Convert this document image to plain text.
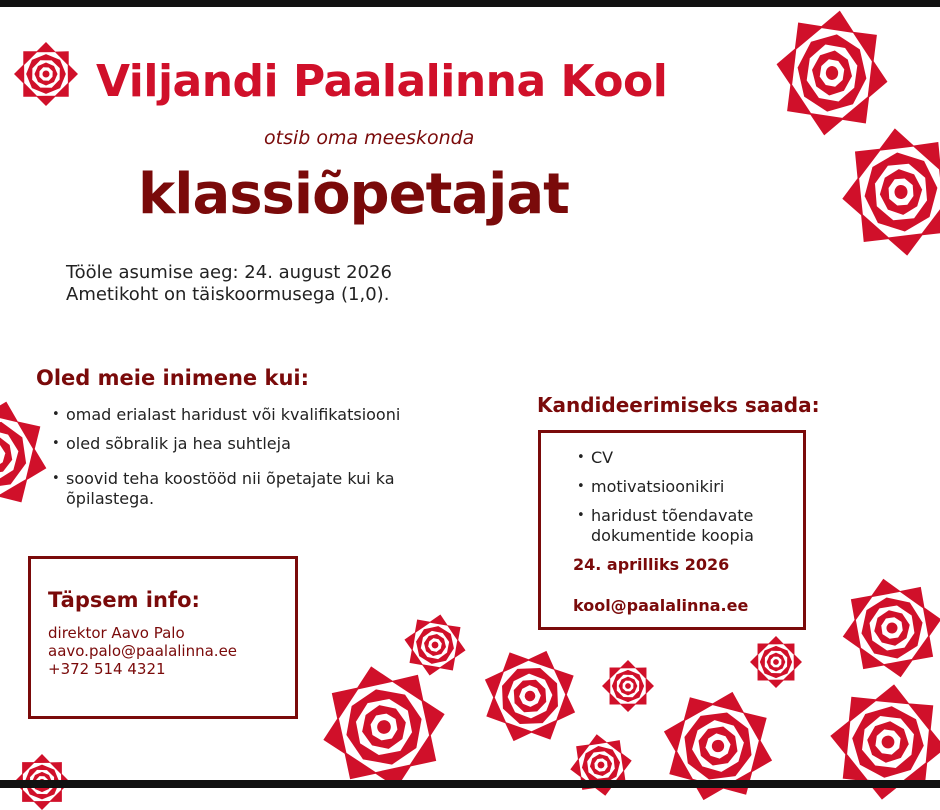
Viljandi Paalalinna Kool
otsib oma meeskonda
klassiõpetajat
Tööle asumise aeg: 24. august 2026
Ametikoht on täiskoormusega (1,0).
Oled meie inimene kui:
• omad erialast haridust või kvalifikatsiooni
• oled sõbralik ja hea suhtleja
• soovid teha koostööd nii õpetajate kui ka õpilastega.
Kandideerimiseks saada:
• CV
• motivatsioonikiri
• haridust tõendavate dokumentide koopia
24. aprilliks 2026
kool@paalalinna.ee
Täpsem info:
direktor Aavo Palo
aavo.palo@paalalinna.ee
+372 514 4321
